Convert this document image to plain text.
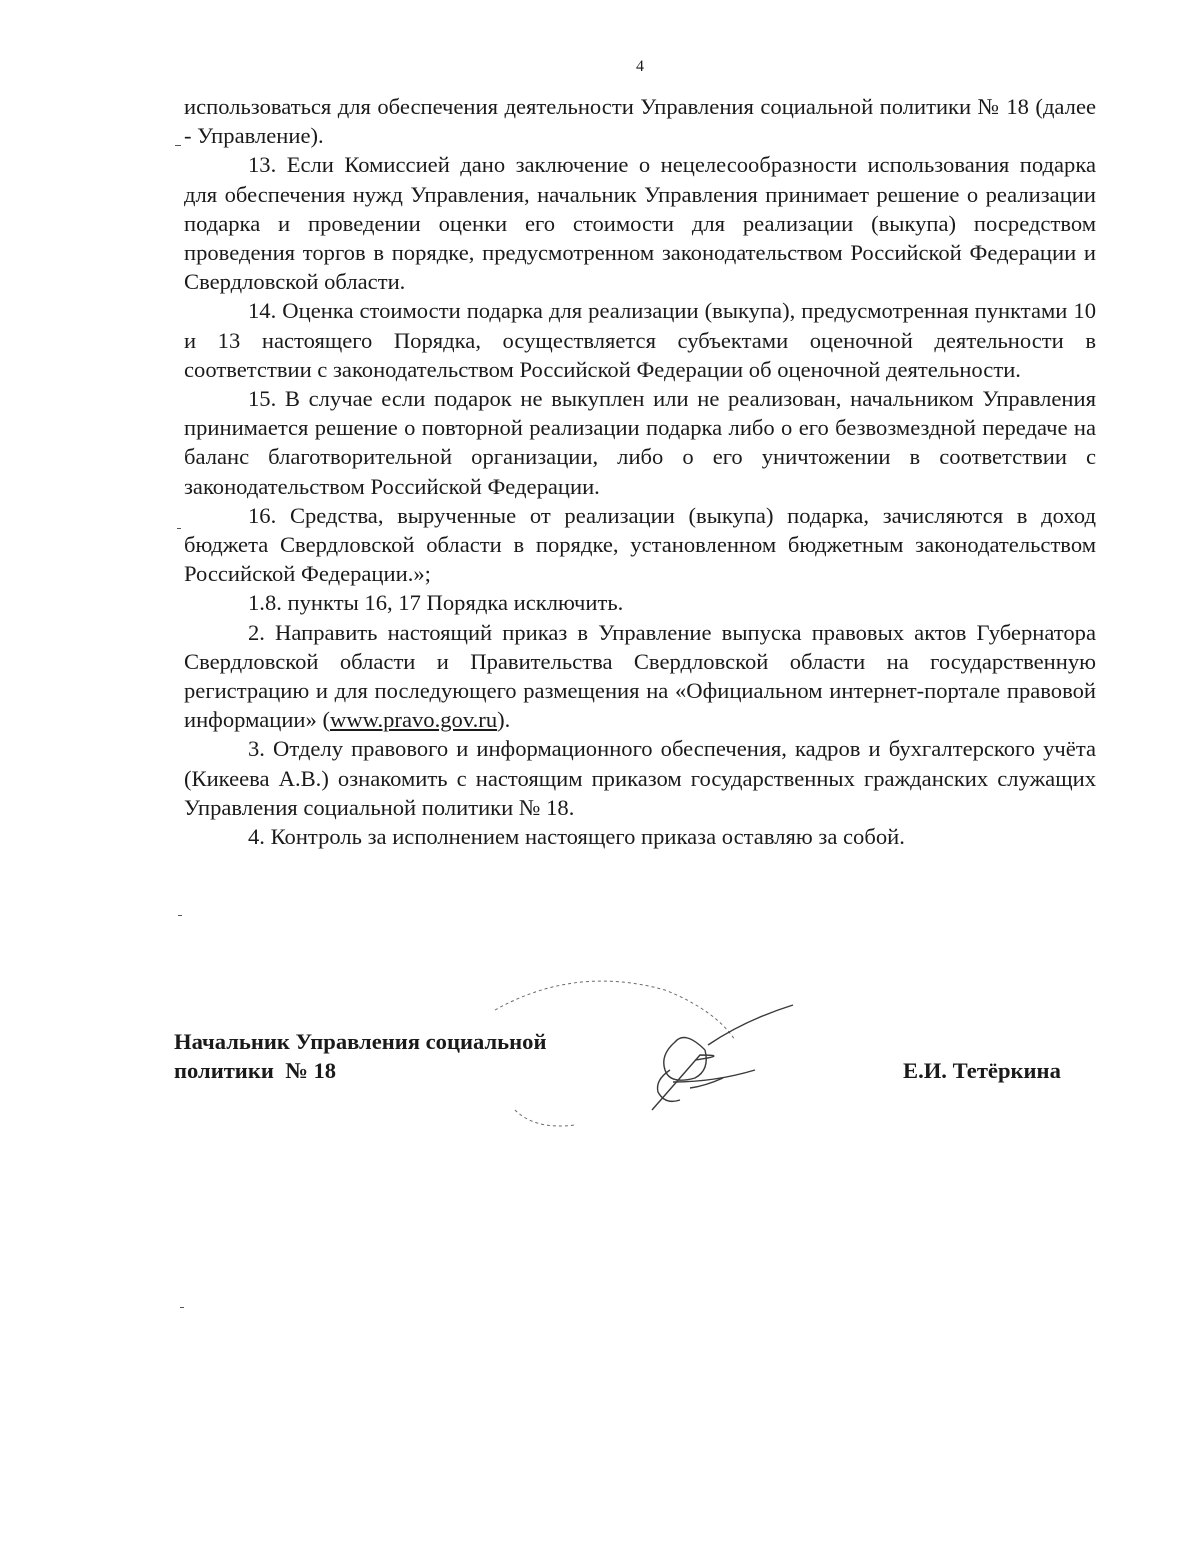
4

использоваться для обеспечения деятельности Управления социальной политики № 18 (далее - Управление).

13. Если Комиссией дано заключение о нецелесообразности использования подарка для обеспечения нужд Управления, начальник Управления принимает решение о реализации подарка и проведении оценки его стоимости для реализации (выкупа) посредством проведения торгов в порядке, предусмотренном законодательством Российской Федерации и Свердловской области.

14. Оценка стоимости подарка для реализации (выкупа), предусмотренная пунктами 10 и 13 настоящего Порядка, осуществляется субъектами оценочной деятельности в соответствии с законодательством Российской Федерации об оценочной деятельности.

15. В случае если подарок не выкуплен или не реализован, начальником Управления принимается решение о повторной реализации подарка либо о его безвозмездной передаче на баланс благотворительной организации, либо о его уничтожении в соответствии с законодательством Российской Федерации.

16. Средства, вырученные от реализации (выкупа) подарка, зачисляются в доход бюджета Свердловской области в порядке, установленном бюджетным законодательством Российской Федерации.»;

1.8. пункты 16, 17 Порядка исключить.

2. Направить настоящий приказ в Управление выпуска правовых актов Губернатора Свердловской области и Правительства Свердловской области на государственную регистрацию и для последующего размещения на «Официальном интернет-портале правовой информации» (www.pravo.gov.ru).

3. Отделу правового и информационного обеспечения, кадров и бухгалтерского учёта (Кикеева А.В.) ознакомить с настоящим приказом государственных гражданских служащих Управления социальной политики № 18.

4. Контроль за исполнением настоящего приказа оставляю за собой.

Начальник Управления социальной
политики  № 18	Е.И. Тетёркина
